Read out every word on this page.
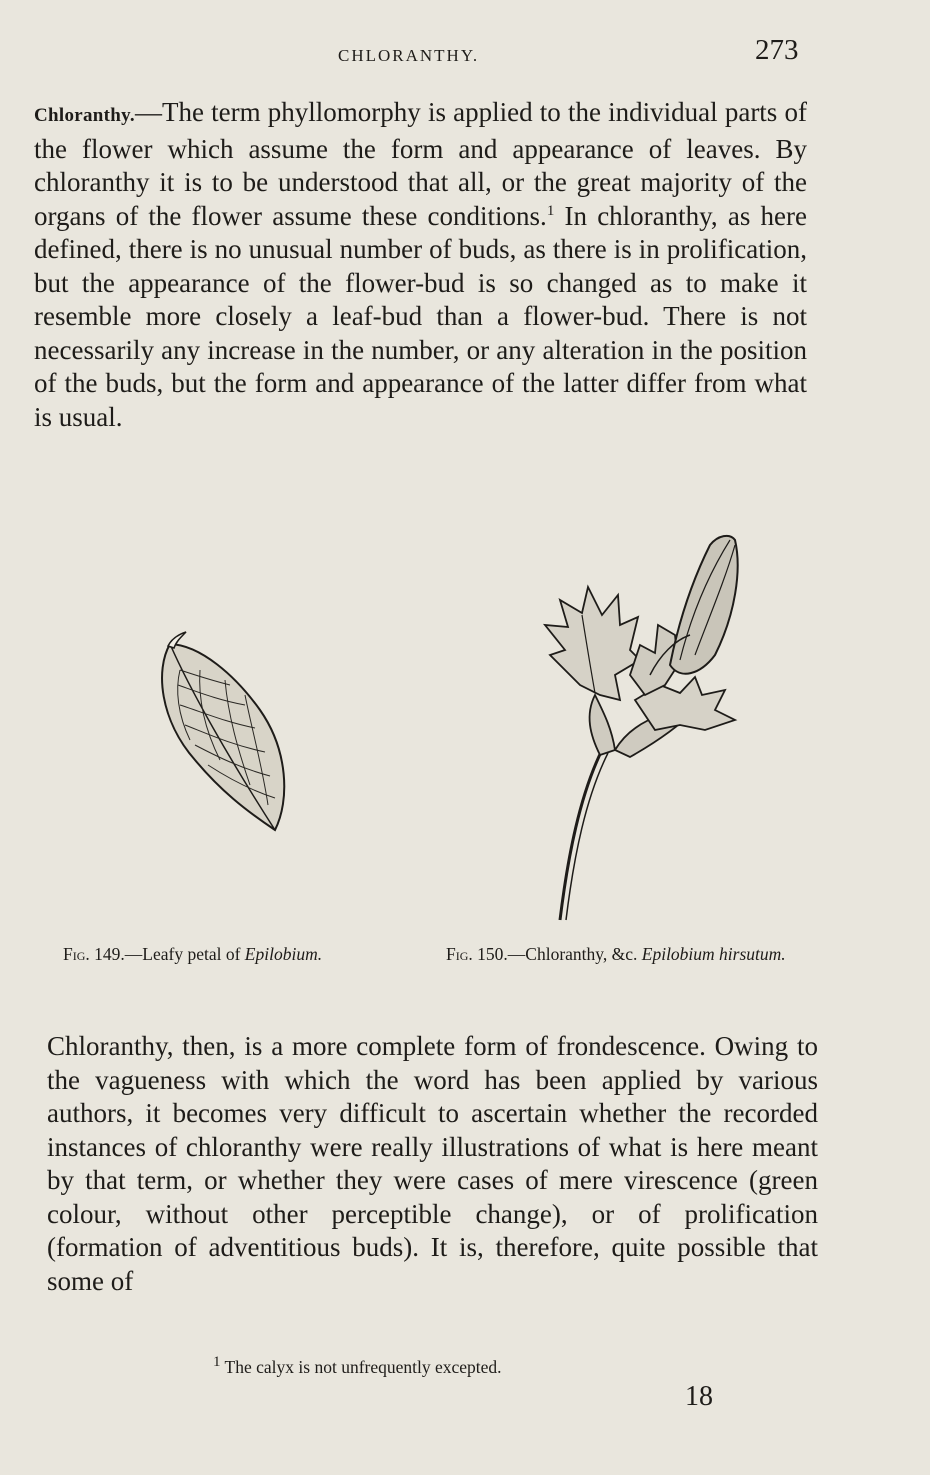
CHLORANTHY.	273

Chloranthy.—The term phyllomorphy is applied to the individual parts of the flower which assume the form and appearance of leaves. By chloranthy it is to be understood that all, or the great majority of the organs of the flower assume these conditions.$^1$ In chloranthy, as here defined, there is no unusual number of buds, as there is in prolification, but the appearance of the flower-bud is so changed as to make it resemble more closely a leaf-bud than a flower-bud. There is not necessarily any increase in the number, or any alteration in the position of the buds, but the form and appearance of the latter differ from what is usual.

Fig. 149.—Leafy petal of Epilobium.	Fig. 150.—Chloranthy, &c. Epilobium hirsutum.

Chloranthy, then, is a more complete form of frondescence. Owing to the vagueness with which the word has been applied by various authors, it becomes very difficult to ascertain whether the recorded instances of chloranthy were really illustrations of what is here meant by that term, or whether they were cases of mere virescence (green colour, without other perceptible change), or of prolification (formation of adventitious buds). It is, therefore, quite possible that some of

1 The calyx is not unfrequently excepted.

18
